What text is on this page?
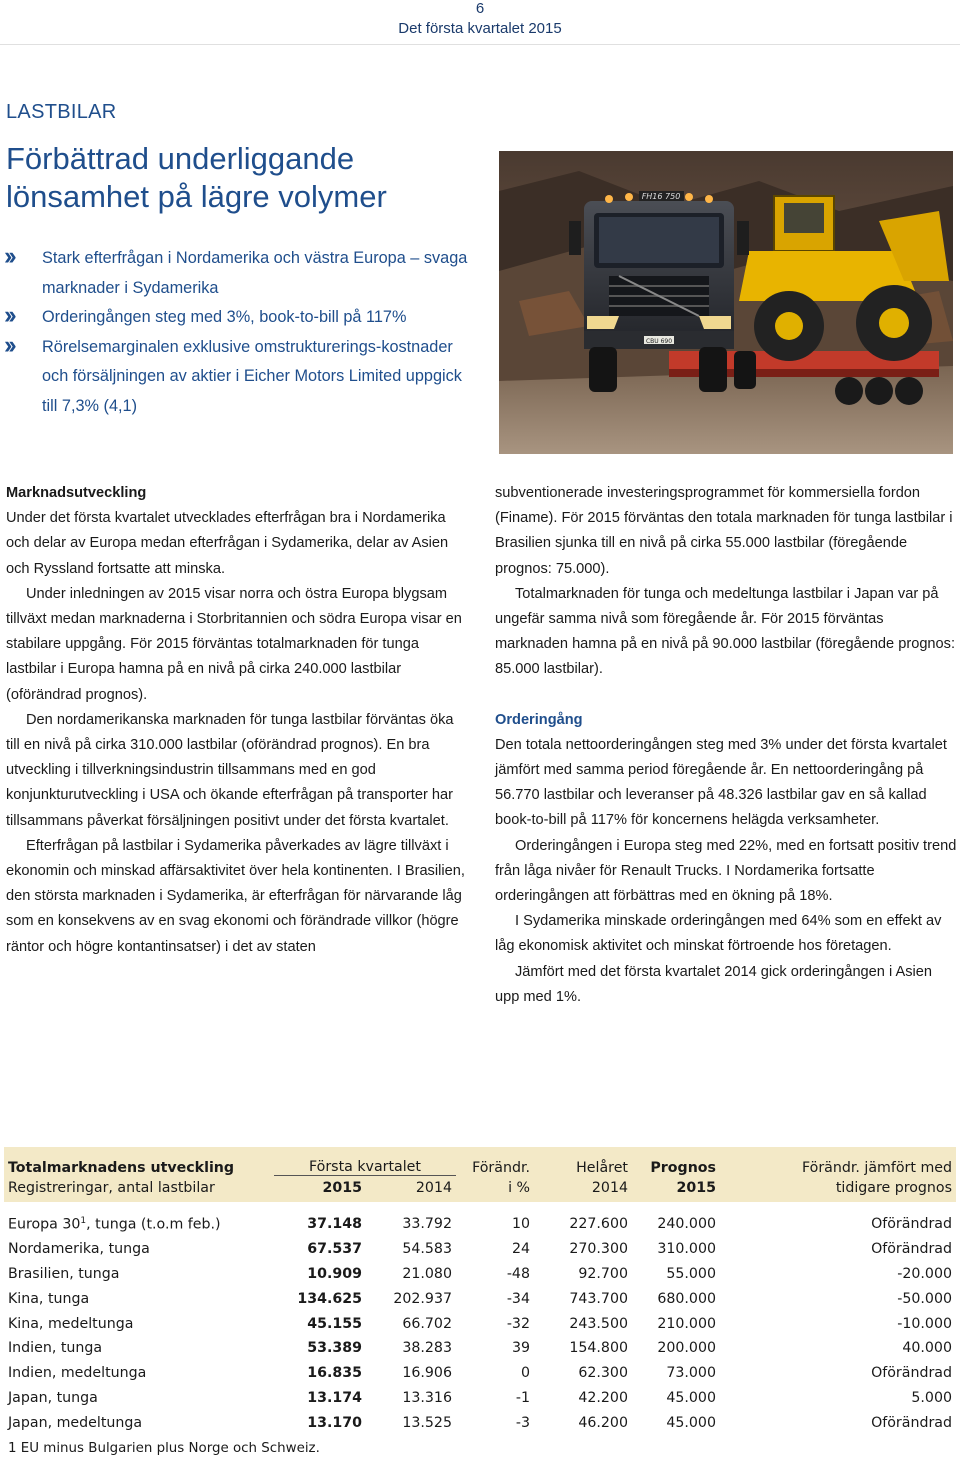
6
Det första kvartalet 2015
LASTBILAR
Förbättrad underliggande
lönsamhet på lägre volymer
›› Stark efterfrågan i Nordamerika och västra Europa – svaga marknader i Sydamerika
›› Orderingången steg med 3%, book-to-bill på 117%
›› Rörelsemarginalen exklusive omstrukturerings-kostnader och försäljningen av aktier i Eicher Motors Limited uppgick till 7,3% (4,1)
FH16 750
CBU 690
Marknadsutveckling

Under det första kvartalet utvecklades efterfrågan bra i Nordamerika och delar av Europa medan efterfrågan i Sydamerika, delar av Asien och Ryssland fortsatte att minska.

Under inledningen av 2015 visar norra och östra Europa blygsam tillväxt medan marknaderna i Storbritannien och södra Europa visar en stabilare uppgång. För 2015 förväntas totalmarknaden för tunga lastbilar i Europa hamna på en nivå på cirka 240.000 lastbilar (oförändrad prognos).

Den nordamerikanska marknaden för tunga lastbilar förväntas öka till en nivå på cirka 310.000 lastbilar (oförändrad prognos). En bra utveckling i tillverkningsindustrin tillsammans med en god konjunkturutveckling i USA och ökande efterfrågan på transporter har tillsammans påverkat försäljningen positivt under det första kvartalet.

Efterfrågan på lastbilar i Sydamerika påverkades av lägre tillväxt i ekonomin och minskad affärsaktivitet över hela kontinenten. I Brasilien, den största marknaden i Sydamerika, är efterfrågan för närvarande låg som en konsekvens av en svag ekonomi och förändrade villkor (högre räntor och högre kontantinsatser) i det av staten

subventionerade investeringsprogrammet för kommersiella fordon (Finame). För 2015 förväntas den totala marknaden för tunga lastbilar i Brasilien sjunka till en nivå på cirka 55.000 lastbilar (föregående prognos: 75.000).

Totalmarknaden för tunga och medeltunga lastbilar i Japan var på ungefär samma nivå som föregående år. För 2015 förväntas marknaden hamna på en nivå på 90.000 lastbilar (föregående prognos: 85.000 lastbilar).

Orderingång

Den totala nettoorderingången steg med 3% under det första kvartalet jämfört med samma period föregående år. En nettoorderingång på 56.770 lastbilar och leveranser på 48.326 lastbilar gav en så kallad book-to-bill på 117% för koncernens helägda verksamheter.

Orderingången i Europa steg med 22%, med en fortsatt positiv trend från låga nivåer för Renault Trucks. I Nordamerika fortsatte orderingången att förbättras med en ökning på 18%.

I Sydamerika minskade orderingången med 64% som en effekt av låg ekonomisk aktivitet och minskat förtroende hos företagen.

Jämfört med det första kvartalet 2014 gick orderingången i Asien upp med 1%.

Totalmarknadens utveckling	Första kvartalet		Förändr.	Helåret	Prognos	Förändr. jämfört med
Registreringar, antal lastbilar	2015	2014	i %	2014	2015	tidigare prognos

Europa $30^1$, tunga (t.o.m feb.)	37.148	33.792	10	227.600	240.000	Oförändrad
Nordamerika, tunga	67.537	54.583	24	270.300	310.000	Oförändrad
Brasilien, tunga	10.909	21.080	-48	92.700	55.000	-20.000
Kina, tunga	134.625	202.937	-34	743.700	680.000	-50.000
Kina, medeltunga	45.155	66.702	-32	243.500	210.000	-10.000
Indien, tunga	53.389	38.283	39	154.800	200.000	40.000
Indien, medeltunga	16.835	16.906	0	62.300	73.000	Oförändrad
Japan, tunga	13.174	13.316	-1	42.200	45.000	5.000
Japan, medeltunga	13.170	13.525	-3	46.200	45.000	Oförändrad
1 EU minus Bulgarien plus Norge och Schweiz.
